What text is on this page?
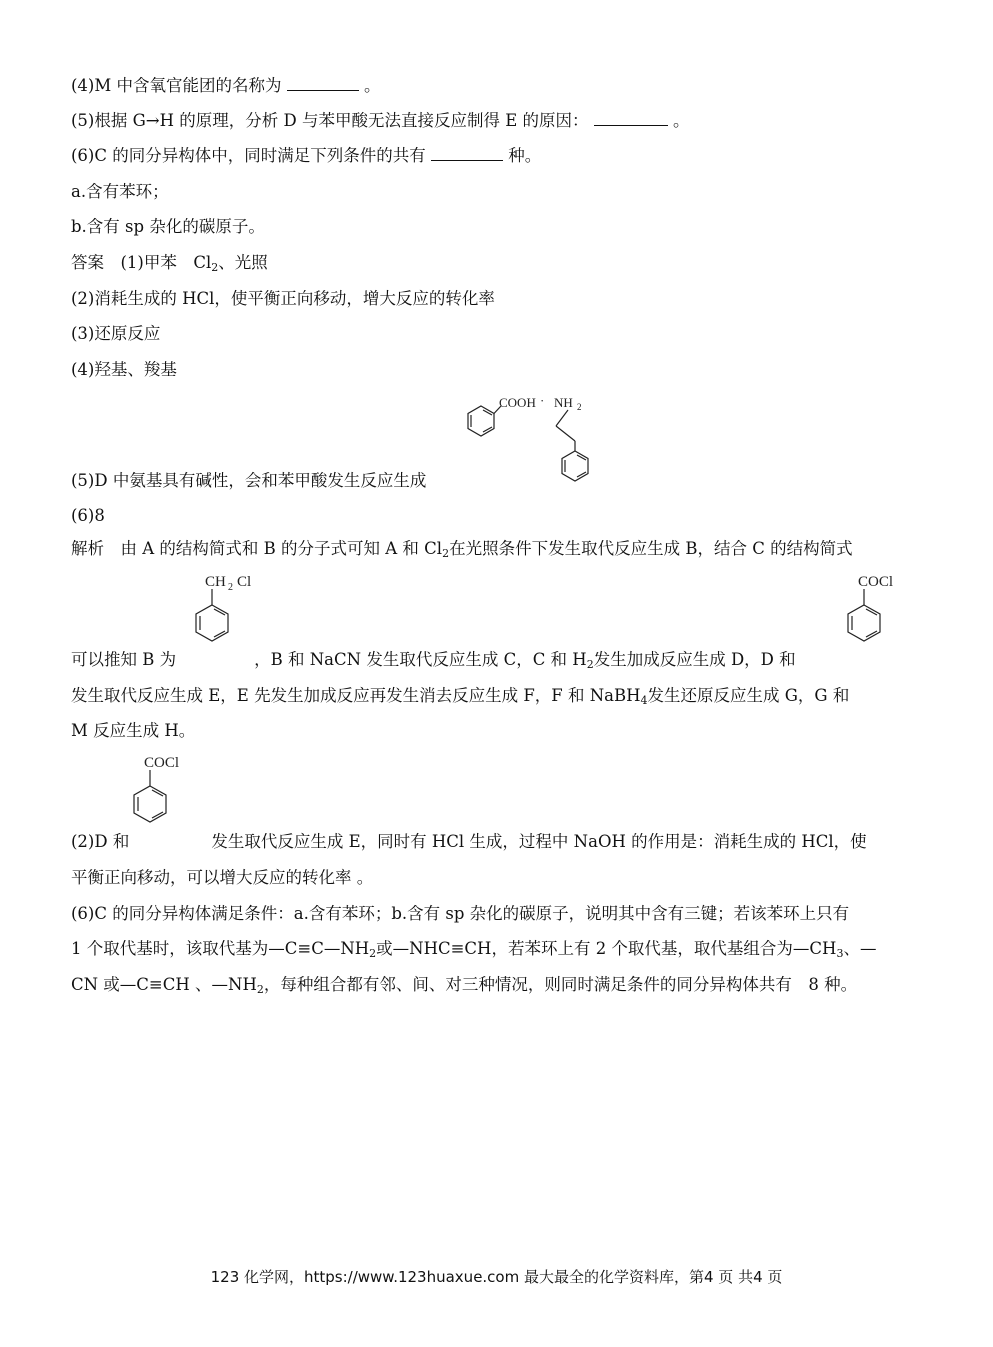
(4)M 中含氧官能团的名称为	。
(5)根据 G→H 的原理，分析 D 与苯甲酸无法直接反应制得 E 的原因：	。
(6)C 的同分异构体中，同时满足下列条件的共有	种。
a.含有苯环；
b.含有 sp 杂化的碳原子。
答案　(1)甲苯　$Cl_2$、光照
(2)消耗生成的 HCl，使平衡正向移动，增大反应的转化率
(3)还原反应
(4)羟基、羧基
COOH · NH 2
(5)D 中氨基具有碱性，会和苯甲酸发生反应生成
(6)8
解析　由 A 的结构简式和 B 的分子式可知 A 和 $Cl_2$在光照条件下发生取代反应生成 B，结合 C 的结构简式
CH 2 Cl	COCl
可以推知 B 为	，B 和 NaCN 发生取代反应生成 C，C 和 $H_2$发生加成反应生成 D，D 和
发生取代反应生成 E，E 先发生加成反应再发生消去反应生成 F，F 和 NaBH$_4$发生还原反应生成 G，G 和
M 反应生成 H。
COCl
(2)D 和	发生取代反应生成 E，同时有 HCl 生成，过程中 NaOH 的作用是：消耗生成的 HCl，使
平衡正向移动，可以增大反应的转化率 。
(6)C 的同分异构体满足条件：a.含有苯环；b.含有 sp 杂化的碳原子，说明其中含有三键；若该苯环上只有
1 个取代基时，该取代基为$—C\equiv C—NH_2$或—NHC≡CH，若苯环上有 2 个取代基，取代基组合为$—CH_3$、—
CN 或—C≡CH 、$—NH_2$，每种组合都有邻、间、对三种情况，则同时满足条件的同分异构体共有　8 种。
123 化学网，https://www.123huaxue.com 最大最全的化学资料库，第4 页 共4 页
